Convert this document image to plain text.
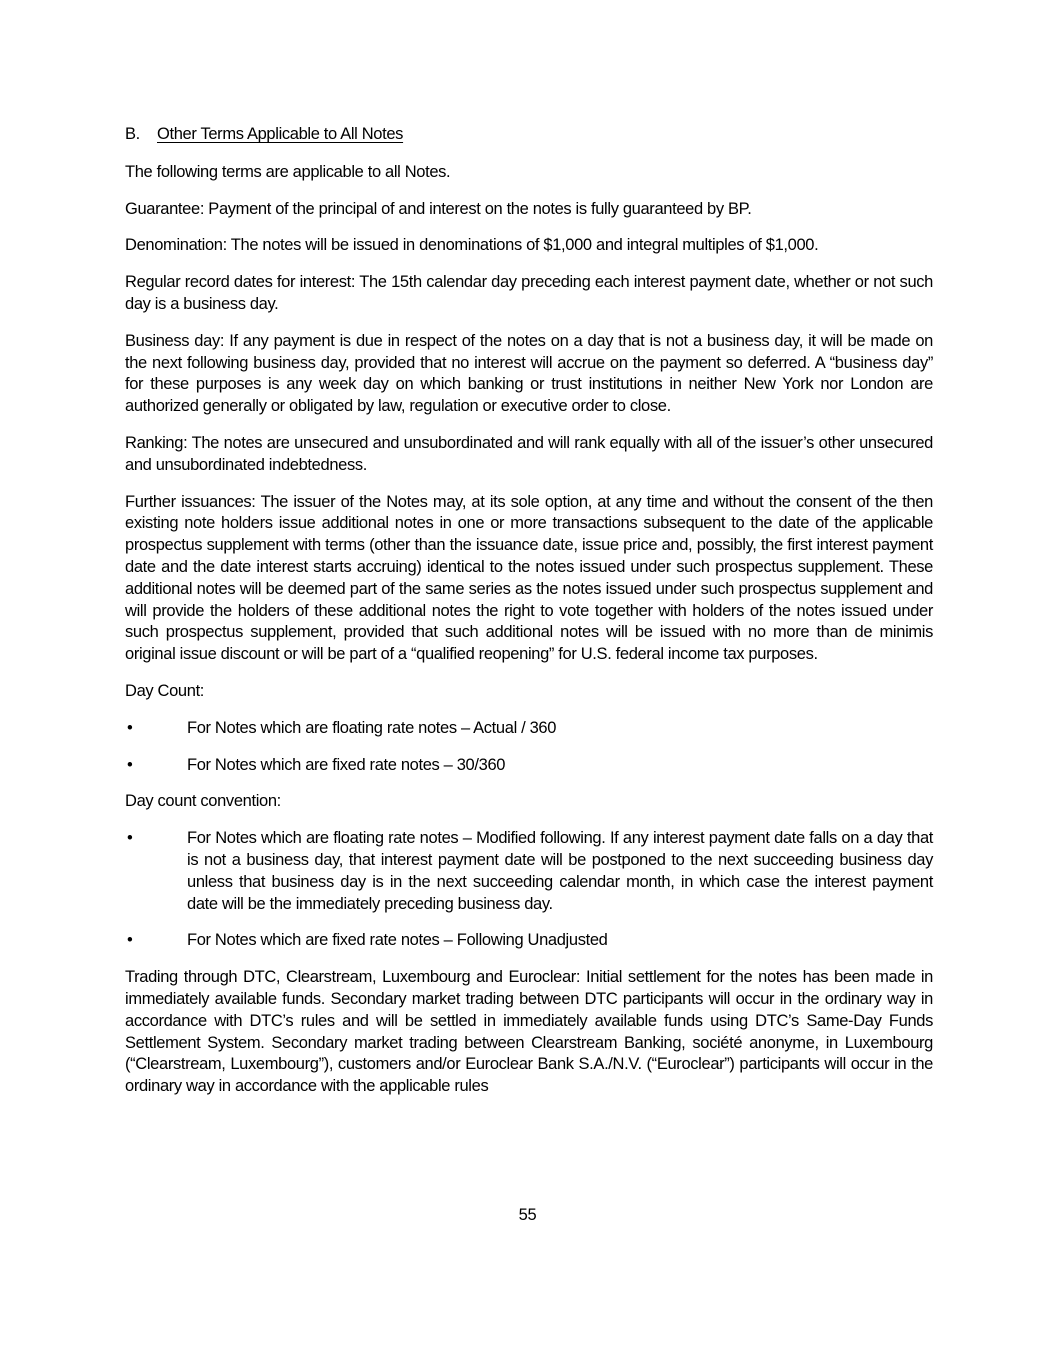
B. Other Terms Applicable to All Notes

The following terms are applicable to all Notes.

Guarantee: Payment of the principal of and interest on the notes is fully guaranteed by BP.

Denomination: The notes will be issued in denominations of $1,000 and integral multiples of $1,000.

Regular record dates for interest: The 15th calendar day preceding each interest payment date, whether or not such day is a business day.

Business day: If any payment is due in respect of the notes on a day that is not a business day, it will be made on the next following business day, provided that no interest will accrue on the payment so deferred. A “business day” for these purposes is any week day on which banking or trust institutions in neither New York nor London are authorized generally or obligated by law, regulation or executive order to close.

Ranking: The notes are unsecured and unsubordinated and will rank equally with all of the issuer’s other unsecured and unsubordinated indebtedness.

Further issuances: The issuer of the Notes may, at its sole option, at any time and without the consent of the then existing note holders issue additional notes in one or more transactions subsequent to the date of the applicable prospectus supplement with terms (other than the issuance date, issue price and, possibly, the first interest payment date and the date interest starts accruing) identical to the notes issued under such prospectus supplement. These additional notes will be deemed part of the same series as the notes issued under such prospectus supplement and will provide the holders of these additional notes the right to vote together with holders of the notes issued under such prospectus supplement, provided that such additional notes will be issued with no more than de minimis original issue discount or will be part of a “qualified reopening” for U.S. federal income tax purposes.

Day Count:

•	For Notes which are floating rate notes – Actual / 360
•	For Notes which are fixed rate notes – 30/360

Day count convention:

•	For Notes which are floating rate notes – Modified following. If any interest payment date falls on a day that is not a business day, that interest payment date will be postponed to the next succeeding business day unless that business day is in the next succeeding calendar month, in which case the interest payment date will be the immediately preceding business day.
•	For Notes which are fixed rate notes – Following Unadjusted

Trading through DTC, Clearstream, Luxembourg and Euroclear: Initial settlement for the notes has been made in immediately available funds. Secondary market trading between DTC participants will occur in the ordinary way in accordance with DTC’s rules and will be settled in immediately available funds using DTC’s Same-Day Funds Settlement System. Secondary market trading between Clearstream Banking, société anonyme, in Luxembourg (“Clearstream, Luxembourg”), customers and/or Euroclear Bank S.A./N.V. (“Euroclear”) participants will occur in the ordinary way in accordance with the applicable rules

55
